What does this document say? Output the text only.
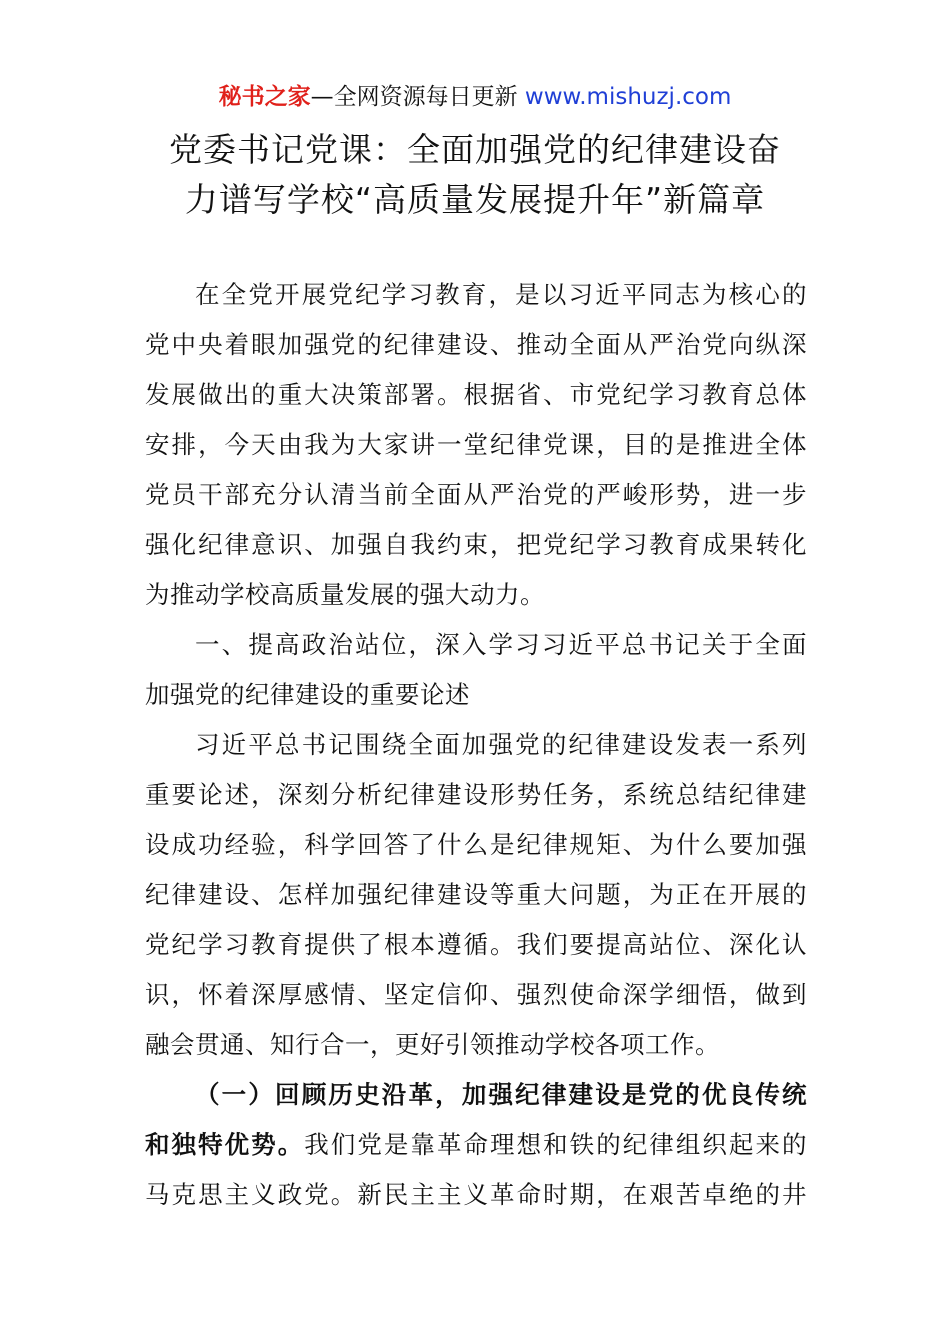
秘书之家—全网资源每日更新 www.mishuzj.com
党委书记党课：全面加强党的纪律建设奋
力谱写学校“高质量发展提升年”新篇章
在全党开展党纪学习教育，是以习近平同志为核心的
党中央着眼加强党的纪律建设、推动全面从严治党向纵深
发展做出的重大决策部署。根据省、市党纪学习教育总体
安排，今天由我为大家讲一堂纪律党课，目的是推进全体
党员干部充分认清当前全面从严治党的严峻形势，进一步
强化纪律意识、加强自我约束，把党纪学习教育成果转化
为推动学校高质量发展的强大动力。
一、提高政治站位，深入学习习近平总书记关于全面
加强党的纪律建设的重要论述
习近平总书记围绕全面加强党的纪律建设发表一系列
重要论述，深刻分析纪律建设形势任务，系统总结纪律建
设成功经验，科学回答了什么是纪律规矩、为什么要加强
纪律建设、怎样加强纪律建设等重大问题，为正在开展的
党纪学习教育提供了根本遵循。我们要提高站位、深化认
识，怀着深厚感情、坚定信仰、强烈使命深学细悟，做到
融会贯通、知行合一，更好引领推动学校各项工作。
（一）回顾历史沿革，加强纪律建设是党的优良传统
和独特优势。我们党是靠革命理想和铁的纪律组织起来的
马克思主义政党。新民主主义革命时期，在艰苦卓绝的井
